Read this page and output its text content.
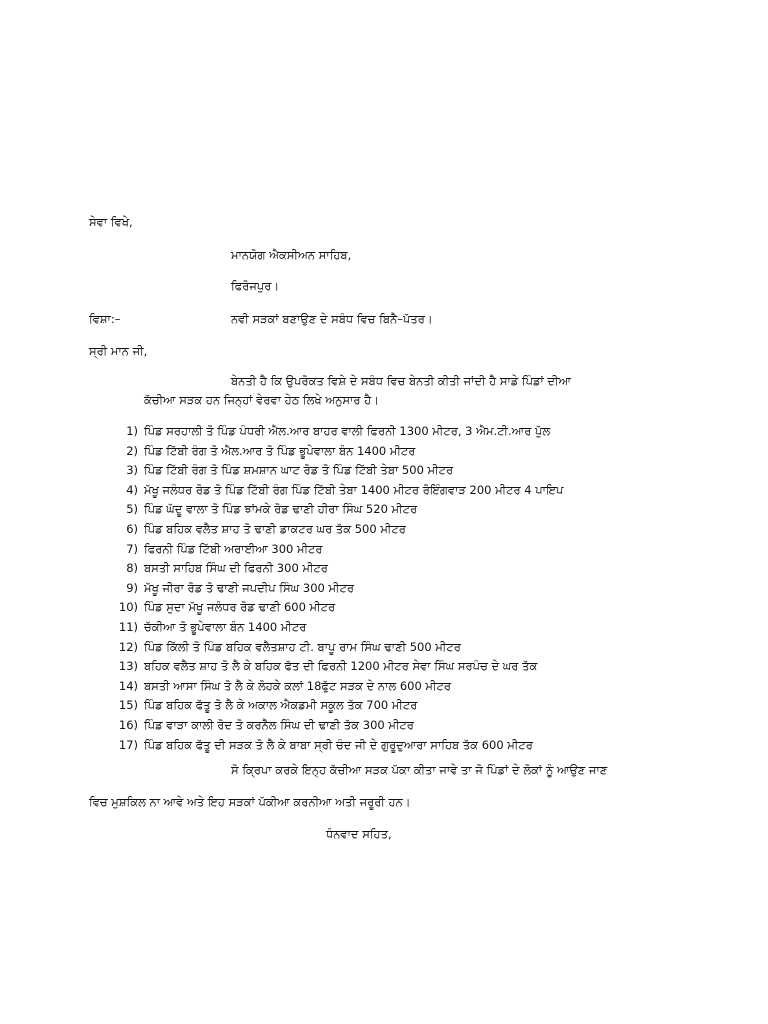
ਸੇਵਾ ਵਿਖੇ,
ਮਾਨਯੋਗ ਐਕਸੀਅਨ ਸਾਹਿਬ,
ਫਿਰੋਜਪੁਰ।
ਵਿਸ਼ਾ:–	ਨਵੀ ਸੜਕਾਂ ਬਣਾਉਣ ਦੇ ਸਬੰਧ ਵਿਚ ਬਿਨੈ–ਪੱਤਰ।
ਸ੍ਰੀ ਮਾਨ ਜੀ,
ਬੇਨਤੀ ਹੈ ਕਿ ਉਪਰੋਕਤ ਵਿਸ਼ੇ ਦੇ ਸਬੰਧ ਵਿਚ ਬੇਨਤੀ ਕੀਤੀ ਜਾਂਦੀ ਹੈ ਸਾਡੇ ਪਿੰਡਾਂ ਦੀਆ
ਕੱਚੀਆ ਸੜਕ ਹਨ ਜਿਨ੍ਹਾਂ ਵੇਰਵਾ ਹੇਠ ਲਿਖੇ ਅਨੁਸਾਰ ਹੈ।
1) ਪਿੰਡ ਸਰਹਾਲੀ ਤੋ ਪਿੰਡ ਪੰਧਰੀ ਐਲ.ਆਰ ਬਾਹਰ ਵਾਲੀ ਫਿਰਨੀ 1300 ਮੀਟਰ, 3 ਐਮ.ਟੀ.ਆਰ ਪੁੱਲ
2) ਪਿੰਡ ਟਿੱਬੀ ਰੰਗ ਤੋ ਐਲ.ਆਰ ਤੋ ਪਿੰਡ ਭੂਪੇਵਾਲਾ ਬੰਨ 1400 ਮੀਟਰ
3) ਪਿੰਡ ਟਿੱਬੀ ਰੰਗ ਤੋ ਪਿੰਡ ਸ਼ਮਸ਼ਾਨ ਘਾਟ ਰੋਡ ਤੋ ਪਿੰਡ ਟਿੱਬੀ ਤੇਬਾ 500 ਮੀਟਰ
4) ਮੱਖੂ ਜਲੰਧਰ ਰੋਡ ਤੋ ਪਿੰਡ ਟਿੱਬੀ ਰੰਗ ਪਿੰਡ ਟਿੱਬੀ ਤੇਬਾ 1400 ਮੀਟਰ ਰੋਇੰਗਵਾੜ 200 ਮੀਟਰ 4 ਪਾਇਪ
5) ਪਿੰਡ ਘੱਦੂ ਵਾਲਾ ਤੋ ਪਿੰਡ ਝਾਂਮਕੇ ਰੋਡ ਢਾਣੀ ਹੀਰਾ ਸਿੰਘ 520 ਮੀਟਰ
6) ਪਿੰਡ ਬਹਿਕ ਵਲੈਤ ਸ਼ਾਹ ਤੋ ਢਾਣੀ ਡਾਕਟਰ ਘਰ ਤੱਕ 500 ਮੀਟਰ
7) ਫਿਰਨੀ ਪਿੰਡ ਟਿੱਬੀ ਅਰਾਈਆ 300 ਮੀਟਰ
8) ਬਸਤੀ ਸਾਹਿਬ ਸਿੰਘ ਦੀ ਫਿਰਨੀ 300 ਮੀਟਰ
9) ਮੱਖੂ ਜੀਰਾ ਰੋਡ ਤੋ ਢਾਣੀ ਜਪਦੀਪ ਸਿੰਘ 300 ਮੀਟਰ
10) ਪਿੰਡ ਸੁਦਾ ਮੱਖੂ ਜਲੰਧਰ ਰੋਡ ਢਾਣੀ 600 ਮੀਟਰ
11) ਚੱਕੀਆ ਤੋ ਭੂਪੇਵਾਲਾ ਬੰਨ 1400 ਮੀਟਰ
12) ਪਿੰਡ ਕਿੱਲੀ ਤੋ ਪਿੰਡ ਬਹਿਕ ਵਲੈਤਸ਼ਾਹ ਟੀ. ਬਾਪੂ ਰਾਮ ਸਿੰਘ ਢਾਣੀ 500 ਮੀਟਰ
13) ਬਹਿਕ ਵਲੈਤ ਸ਼ਾਹ ਤੋ ਲੈ ਕੇ ਬਹਿਕ ਫੱਤ ਦੀ ਫਿਰਨੀ 1200 ਮੀਟਰ ਸੇਵਾ ਸਿੰਘ ਸਰਪੰਚ ਦੇ ਘਰ ਤੱਕ
14) ਬਸਤੀ ਆਸਾ ਸਿੰਘ ਤੋ ਲੈ ਕੇ ਲੋਹਕੇ ਕਲਾਂ 18ਫੁੱਟ ਸੜਕ ਦੇ ਨਾਲ 600 ਮੀਟਰ
15) ਪਿੰਡ ਬਹਿਕ ਫੱਤੂ ਤੋ ਲੈ ਕੇ ਅਕਾਲ ਐਕਡਮੀ ਸਕੂਲ ਤੱਕ 700 ਮੀਟਰ
16) ਪਿੰਡ ਵਾੜਾ ਕਾਲੀ ਰੋਦ ਤੋ ਕਰਨੈਲ ਸਿੰਘ ਦੀ ਢਾਣੀ ਤੱਕ 300 ਮੀਟਰ
17) ਪਿੰਡ ਬਹਿਕ ਫੱਤੂ ਦੀ ਸੜਕ ਤੋ ਲੈ ਕੇ ਬਾਬਾ ਸ੍ਰੀ ਚੰਦ ਜੀ ਦੇ ਗੁਰੂਦੁਆਰਾ ਸਾਹਿਬ ਤੱਕ 600 ਮੀਟਰ
ਸੋ ਕ੍ਰਿਪਾ ਕਰਕੇ ਇਨ੍ਹ ਕੱਚੀਆ ਸੜਕ ਪੱਕਾ ਕੀਤਾ ਜਾਵੇ ਤਾ ਜੋ ਪਿੰਡਾਂ ਦੇ ਲੋਕਾਂ ਨੂੰ ਆਉਣ ਜਾਣ
ਵਿਚ ਮੁਸ਼ਕਿਲ ਨਾ ਆਵੇ ਅਤੇ ਇਹ ਸੜਕਾਂ ਪੱਕੀਆ ਕਰਨੀਆ ਅਤੀ ਜਰੂਰੀ ਹਨ।
ਧੰਨਵਾਦ ਸਹਿਤ,
